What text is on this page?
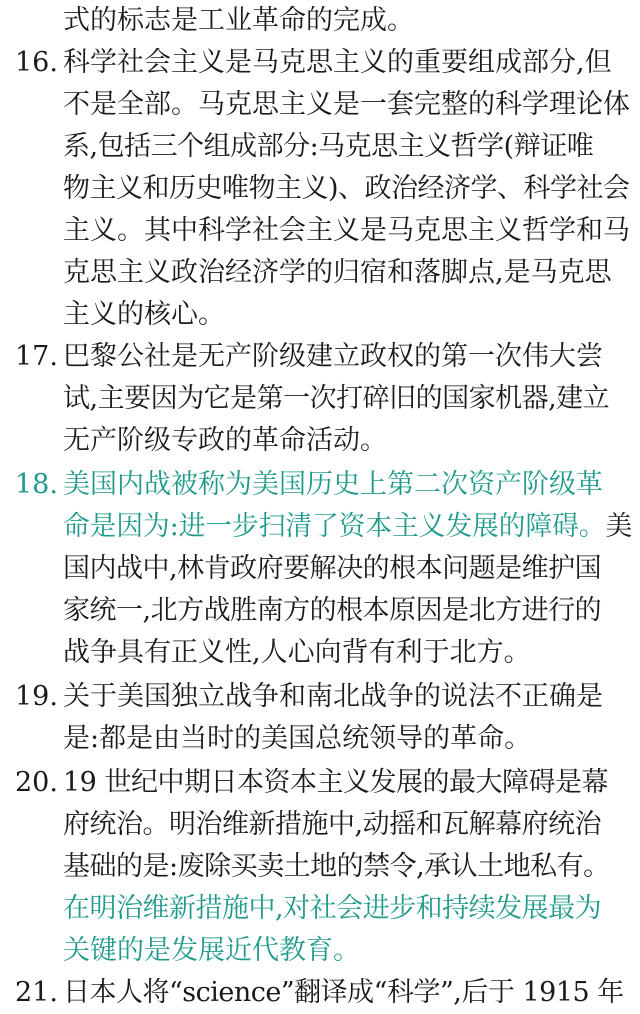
式的标志是工业革命的完成。
16. 科学社会主义是马克思主义的重要组成部分,但
不是全部。马克思主义是一套完整的科学理论体
系,包括三个组成部分:马克思主义哲学(辩证唯
物主义和历史唯物主义)、政治经济学、科学社会
主义。其中科学社会主义是马克思主义哲学和马
克思主义政治经济学的归宿和落脚点,是马克思
主义的核心。
17. 巴黎公社是无产阶级建立政权的第一次伟大尝
试,主要因为它是第一次打碎旧的国家机器,建立
无产阶级专政的革命活动。
18. 美国内战被称为美国历史上第二次资产阶级革
命是因为:进一步扫清了资本主义发展的障碍。美
国内战中,林肯政府要解决的根本问题是维护国
家统一,北方战胜南方的根本原因是北方进行的
战争具有正义性,人心向背有利于北方。
19. 关于美国独立战争和南北战争的说法不正确是
是:都是由当时的美国总统领导的革命。
20. 19 世纪中期日本资本主义发展的最大障碍是幕
府统治。明治维新措施中,动摇和瓦解幕府统治
基础的是:废除买卖土地的禁令,承认土地私有。
在明治维新措施中,对社会进步和持续发展最为
关键的是发展近代教育。
21. 日本人将“science”翻译成“科学”,后于 1915 年
